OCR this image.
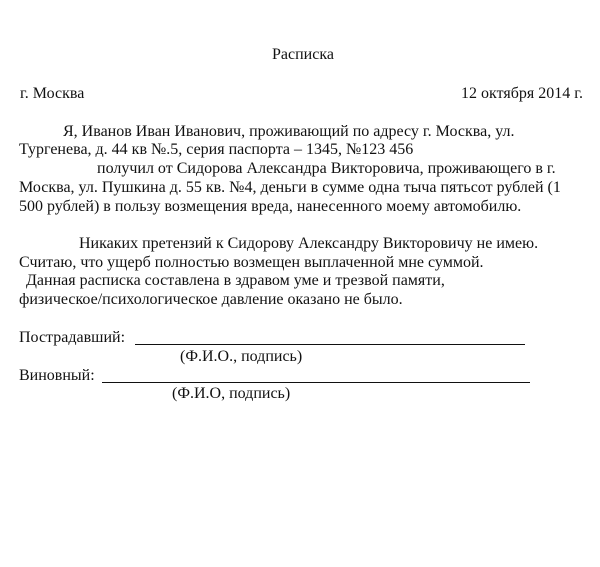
Расписка
г. Москва	12 октября 2014 г.
Я, Иванов Иван Иванович, проживающий по адресу г. Москва, ул.
Тургенева, д. 44 кв №.5, серия паспорта – 1345, №123 456
получил от Сидорова Александра Викторовича, проживающего в г.
Москва, ул. Пушкина д. 55 кв. №4, деньги в сумме одна тыча пятьсот рублей (1
500 рублей) в пользу возмещения вреда, нанесенного моему автомобилю.
Никаких претензий к Сидорову Александру Викторовичу не имею.
Считаю, что ущерб полностью возмещен выплаченной мне суммой.
Данная расписка составлена в здравом уме и трезвой памяти,
физическое/психологическое давление оказано не было.
Пострадавший:
(Ф.И.О., подпись)
Виновный:
(Ф.И.О, подпись)
